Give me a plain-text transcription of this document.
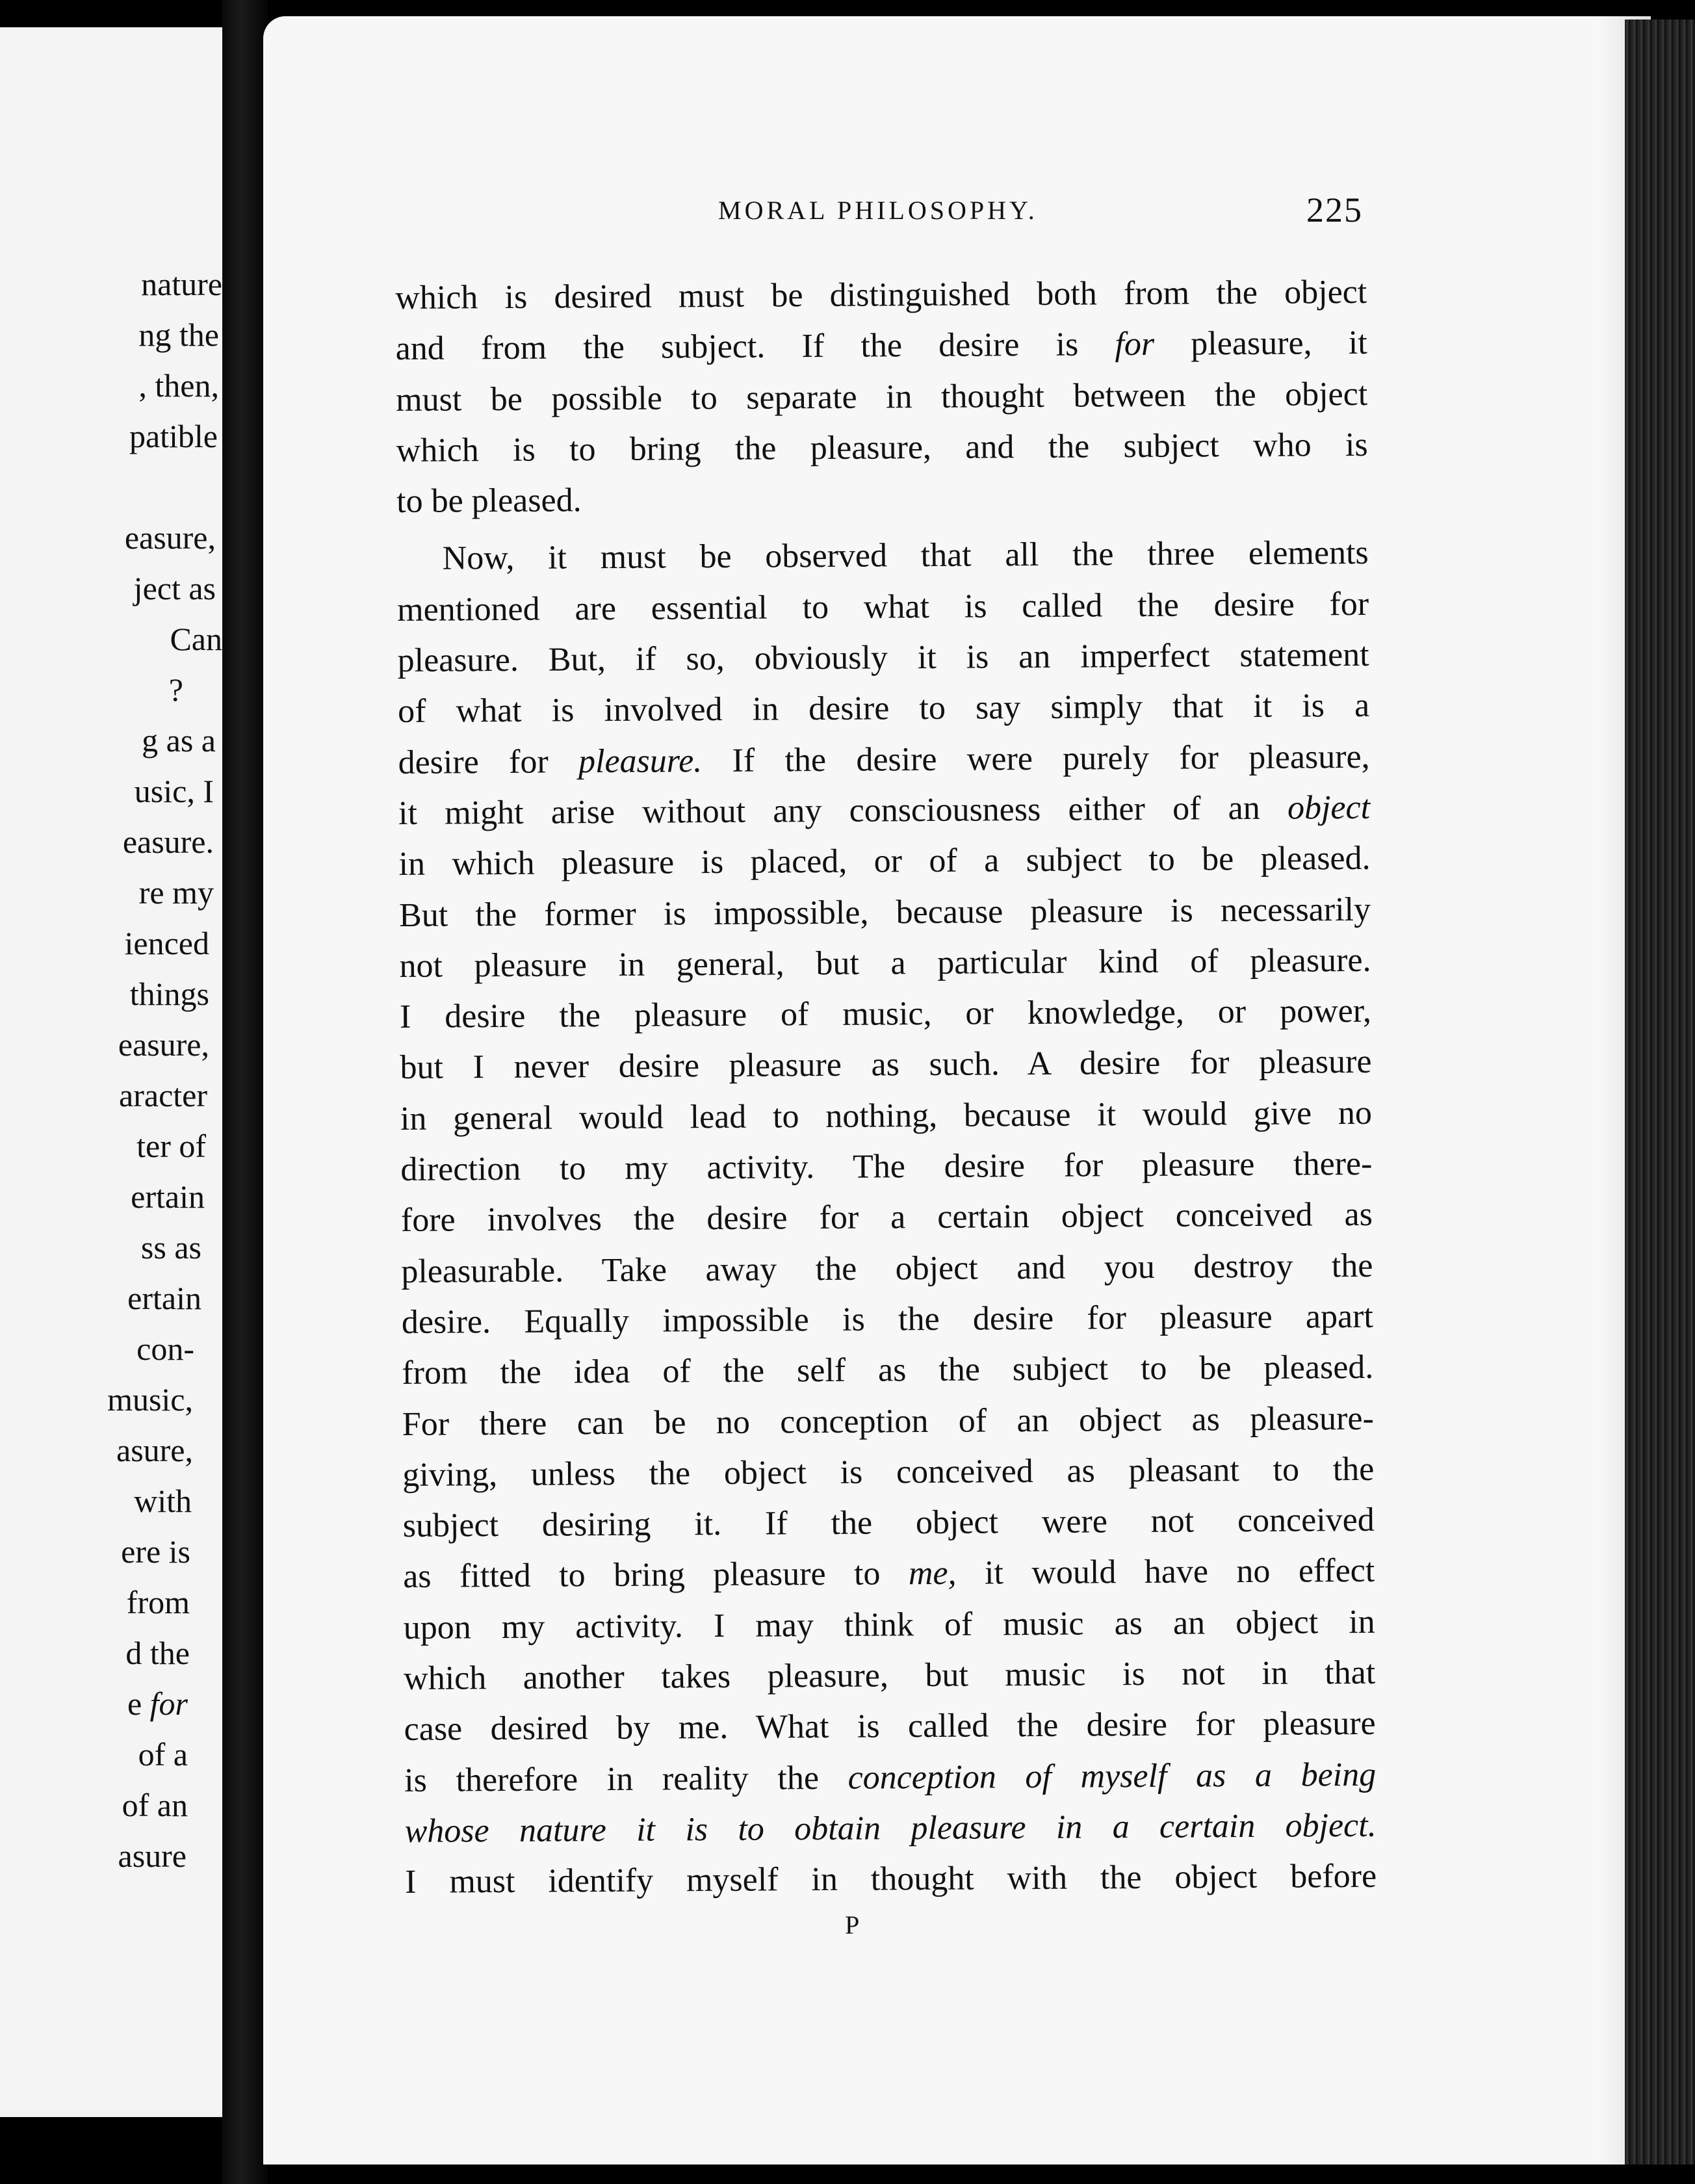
nature
ng the
, then,
patible
easure,
ject as
Can
?
g as a
usic, I
easure.
re my
ienced
things
easure,
aracter
ter of
ertain
ss as
ertain
con-
music,
asure,
with
ere is
from
d the
e for
of a
of an
asure
MORAL PHILOSOPHY.	225
which is desired must be distinguished both from the object
and from the subject. If the desire is for pleasure, it
must be possible to separate in thought between the object
which is to bring the pleasure, and the subject who is
to be pleased.
Now, it must be observed that all the three elements
mentioned are essential to what is called the desire for
pleasure. But, if so, obviously it is an imperfect statement
of what is involved in desire to say simply that it is a
desire for pleasure. If the desire were purely for pleasure,
it might arise without any consciousness either of an object
in which pleasure is placed, or of a subject to be pleased.
But the former is impossible, because pleasure is necessarily
not pleasure in general, but a particular kind of pleasure.
I desire the pleasure of music, or knowledge, or power,
but I never desire pleasure as such. A desire for pleasure
in general would lead to nothing, because it would give no
direction to my activity. The desire for pleasure there-
fore involves the desire for a certain object conceived as
pleasurable. Take away the object and you destroy the
desire. Equally impossible is the desire for pleasure apart
from the idea of the self as the subject to be pleased.
For there can be no conception of an object as pleasure-
giving, unless the object is conceived as pleasant to the
subject desiring it. If the object were not conceived
as fitted to bring pleasure to me, it would have no effect
upon my activity. I may think of music as an object in
which another takes pleasure, but music is not in that
case desired by me. What is called the desire for pleasure
is therefore in reality the conception of myself as a being
whose nature it is to obtain pleasure in a certain object.
I must identify myself in thought with the object before
P
